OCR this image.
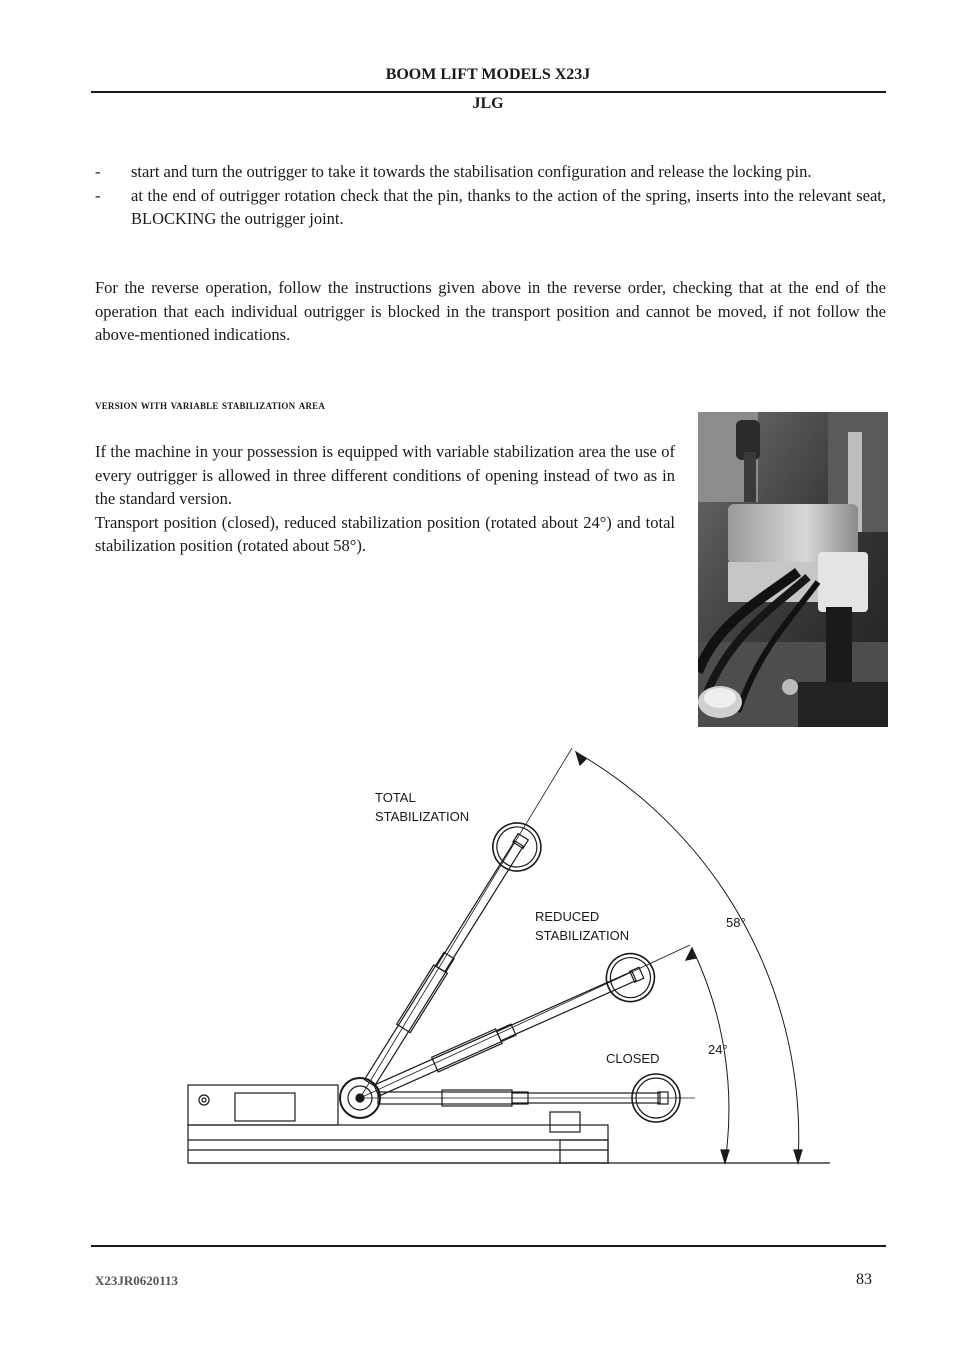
BOOM LIFT MODELS X23J
JLG
-	start and turn the outrigger to take it towards the stabilisation configuration and release the locking pin.
-	at the end of outrigger rotation check that the pin, thanks to the action of the spring, inserts into the relevant seat, BLOCKING the outrigger joint.

For the reverse operation, follow the instructions given above in the reverse order, checking that at the end of the operation that each individual outrigger is blocked in the transport position and cannot be moved, if not follow the above-mentioned indications.

version with variable stabilization area

If the machine in your possession is equipped with variable stabilization area the use of every outrigger is allowed in three different conditions of opening instead of two as in the standard version.

Transport position (closed), reduced stabilization position (rotated about 24°) and total stabilization position (rotated about 58°).

TOTAL
STABILIZATION
REDUCED
STABILIZATION
CLOSED
24°
58°
X23JR0620113	83
